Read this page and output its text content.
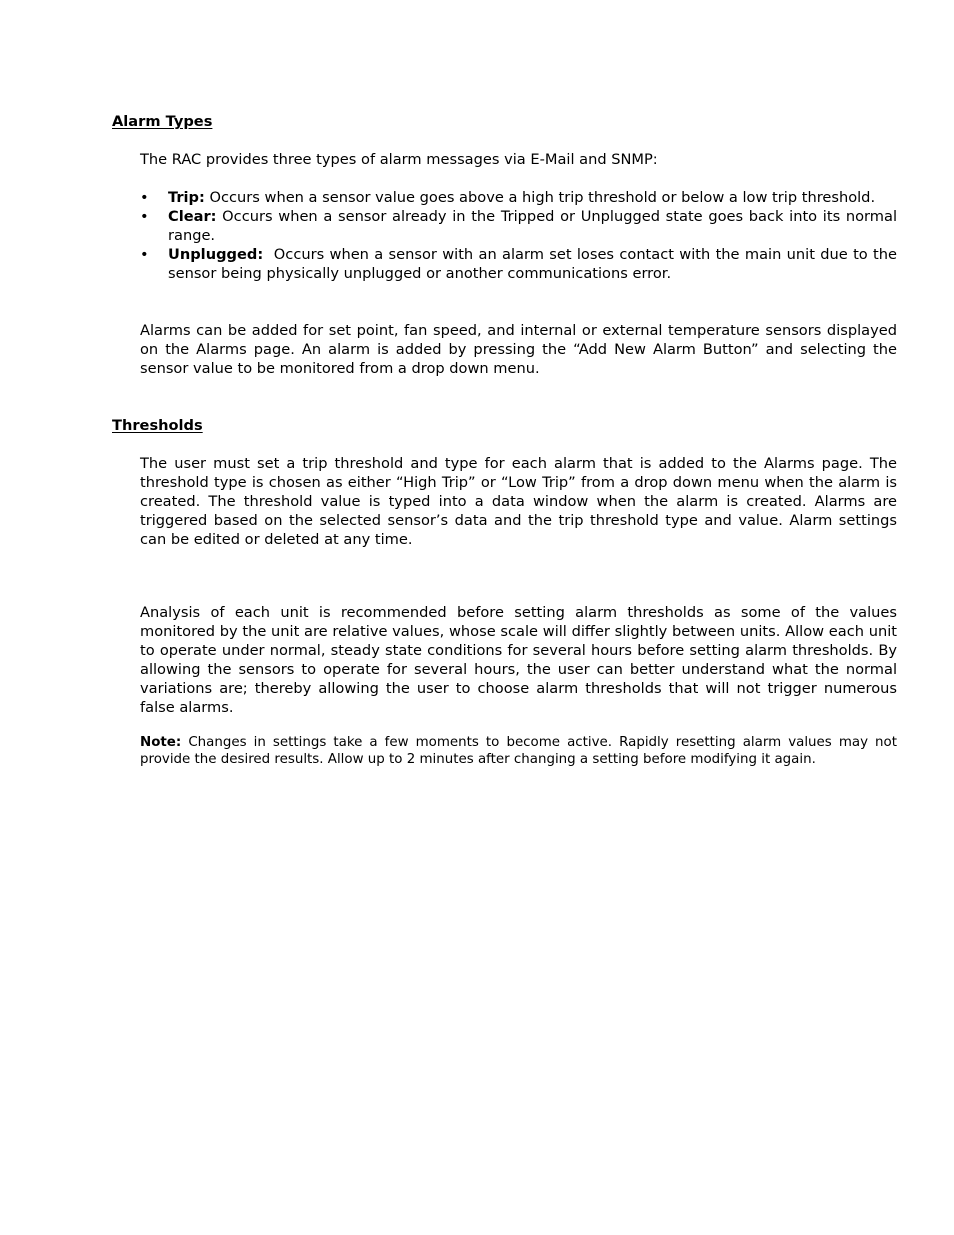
Alarm Types
The RAC provides three types of alarm messages via E-Mail and SNMP:
• Trip: Occurs when a sensor value goes above a high trip threshold or below a low trip threshold.
• Clear: Occurs when a sensor already in the Tripped or Unplugged state goes back into its normal range.
• Unplugged:  Occurs when a sensor with an alarm set loses contact with the main unit due to the sensor being physically unplugged or another communications error.
Alarms can be added for set point, fan speed, and internal or external temperature sensors displayed on the Alarms page. An alarm is added by pressing the “Add New Alarm Button” and selecting the sensor value to be monitored from a drop down menu.
Thresholds
The user must set a trip threshold and type for each alarm that is added to the Alarms page. The threshold type is chosen as either “High Trip” or “Low Trip” from a drop down menu when the alarm is created. The threshold value is typed into a data window when the alarm is created. Alarms are triggered based on the selected sensor’s data and the trip threshold type and value. Alarm settings can be edited or deleted at any time.
Analysis of each unit is recommended before setting alarm thresholds as some of the values monitored by the unit are relative values, whose scale will differ slightly between units. Allow each unit to operate under normal, steady state conditions for several hours before setting alarm thresholds. By allowing the sensors to operate for several hours, the user can better understand what the normal variations are; thereby allowing the user to choose alarm thresholds that will not trigger numerous false alarms.
Note: Changes in settings take a few moments to become active. Rapidly resetting alarm values may not provide the desired results. Allow up to 2 minutes after changing a setting before modifying it again.
